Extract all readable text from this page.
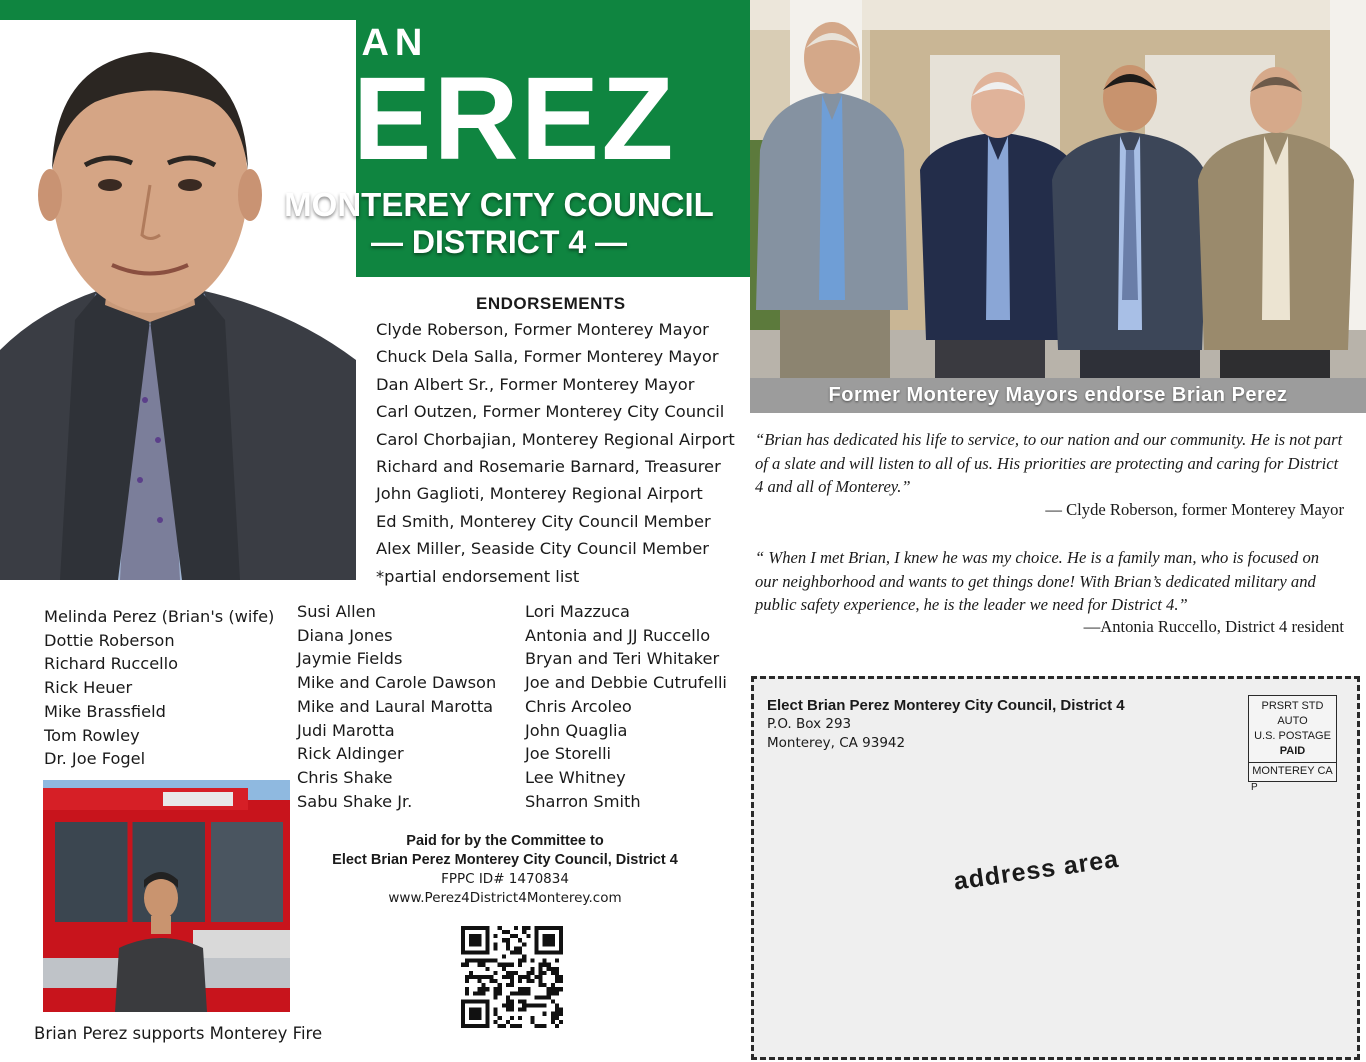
BRIAN
PEREZ
MONTEREY CITY COUNCIL
— DISTRICT 4 —
ENDORSEMENTS
Clyde Roberson, Former Monterey Mayor
Chuck Dela Salla, Former Monterey Mayor
Dan Albert Sr., Former Monterey Mayor
Carl Outzen, Former Monterey City Council
Carol Chorbajian, Monterey Regional Airport
Richard and Rosemarie Barnard, Treasurer
John Gaglioti, Monterey Regional Airport
Ed Smith, Monterey City Council Member
Alex Miller, Seaside City Council Member
*partial endorsement list
Melinda Perez (Brian's (wife)
Dottie Roberson
Richard Ruccello
Rick Heuer
Mike Brassfield
Tom Rowley
Dr. Joe Fogel
Susi Allen
Diana Jones
Jaymie Fields
Mike and Carole Dawson
Mike and Laural Marotta
Judi Marotta
Rick Aldinger
Chris Shake
Sabu Shake Jr.
Lori Mazzuca
Antonia and JJ Ruccello
Bryan and Teri Whitaker
Joe and Debbie Cutrufelli
Chris Arcoleo
John Quaglia
Joe Storelli
Lee Whitney
Sharron Smith
Brian Perez supports Monterey Fire
Paid for by the Committee to
Elect Brian Perez Monterey City Council, District 4
FPPC ID# 1470834
www.Perez4District4Monterey.com
Former Monterey Mayors endorse Brian Perez
“Brian has dedicated his life to service, to our nation and our community. He is not part of a slate and will listen to all of us. His priorities are protecting and caring for District 4 and all of Monterey.”
— Clyde Roberson, former Monterey Mayor
“ When I met Brian, I knew he was my choice. He is a family man, who is focused on our neighborhood and wants to get things done! With Brian’s dedicated military and public safety experience, he is the leader we need for District 4.”
—Antonia Ruccello, District 4 resident
Elect Brian Perez Monterey City Council, District 4
P.O. Box 293
Monterey, CA 93942
PRSRT STD
AUTO
U.S. POSTAGE
PAID
MONTEREY CA
P
address area
